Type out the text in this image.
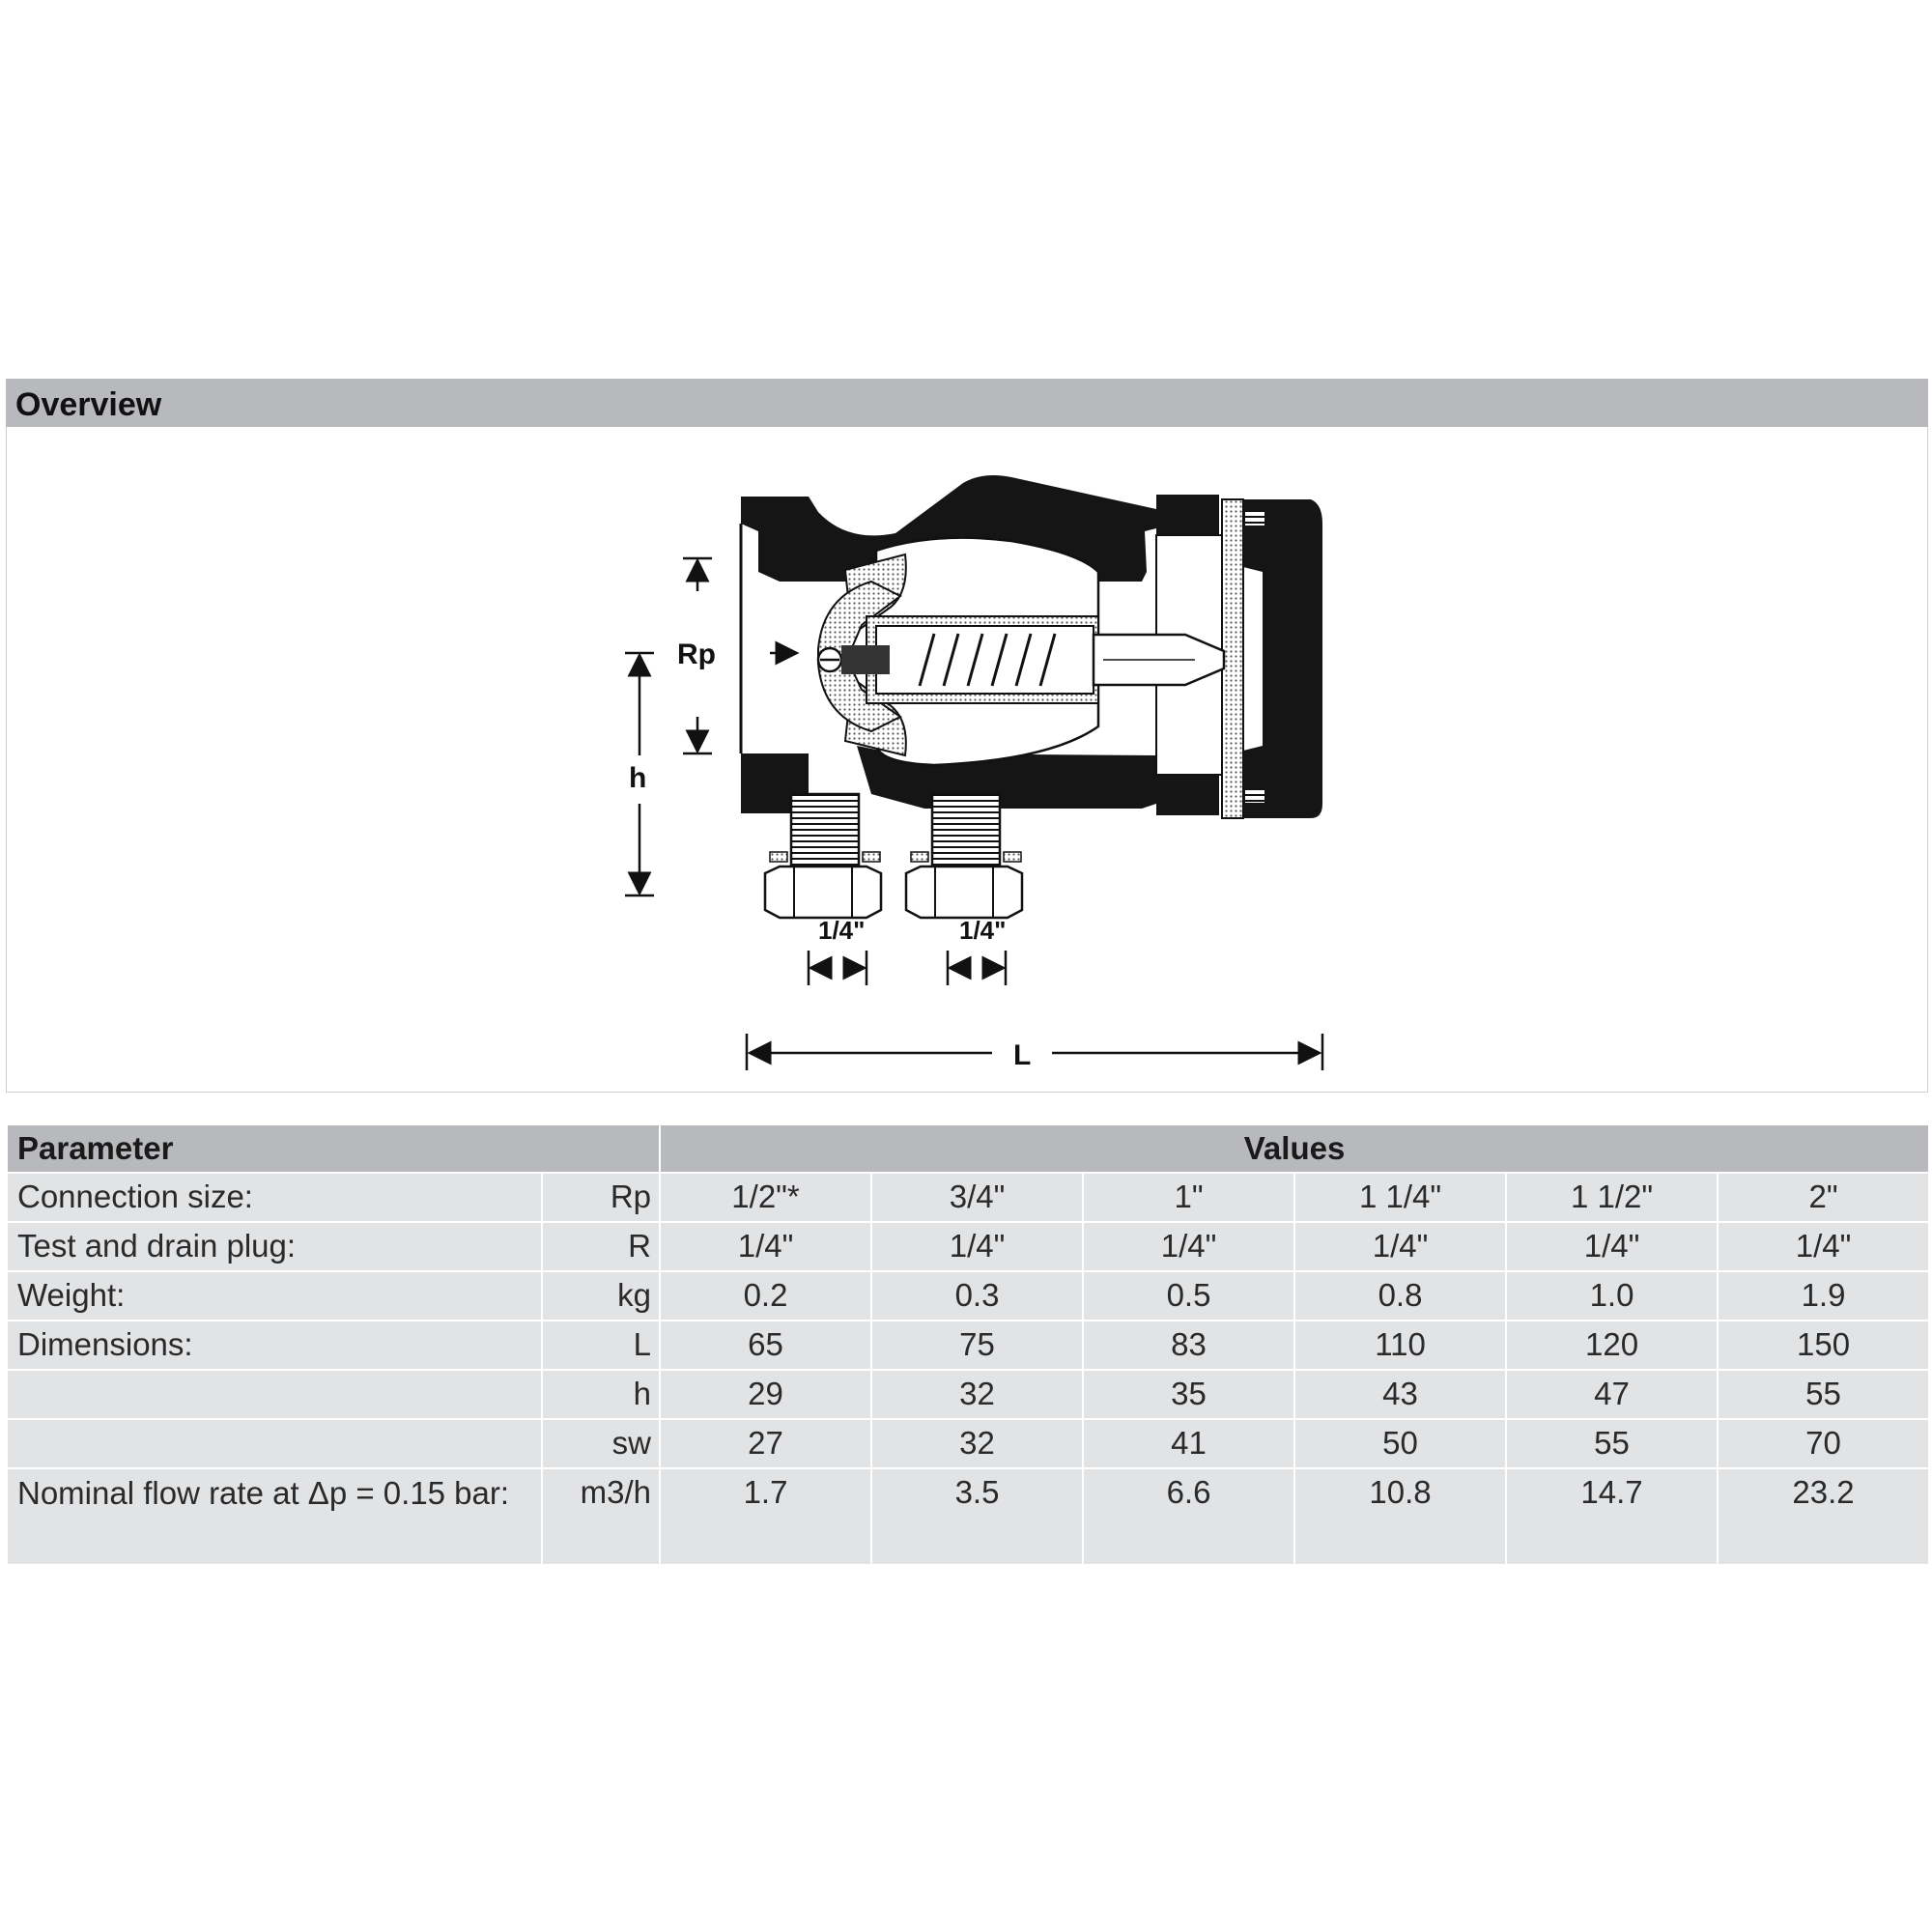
Overview
Rp
h
1/4"	1/4"
L
Parameter		Values					
Connection size:	Rp	1/2"*	3/4"	1"	1 1/4"	1 1/2"	2"
Test and drain plug:	R	1/4"	1/4"	1/4"	1/4"	1/4"	1/4"
Weight:	kg	0.2	0.3	0.5	0.8	1.0	1.9
Dimensions:	L	65	75	83	110	120	150
	h	29	32	35	43	47	55
	sw	27	32	41	50	55	70
Nominal flow rate at Δp = 0.15 bar:	m3/h	1.7	3.5	6.6	10.8	14.7	23.2
